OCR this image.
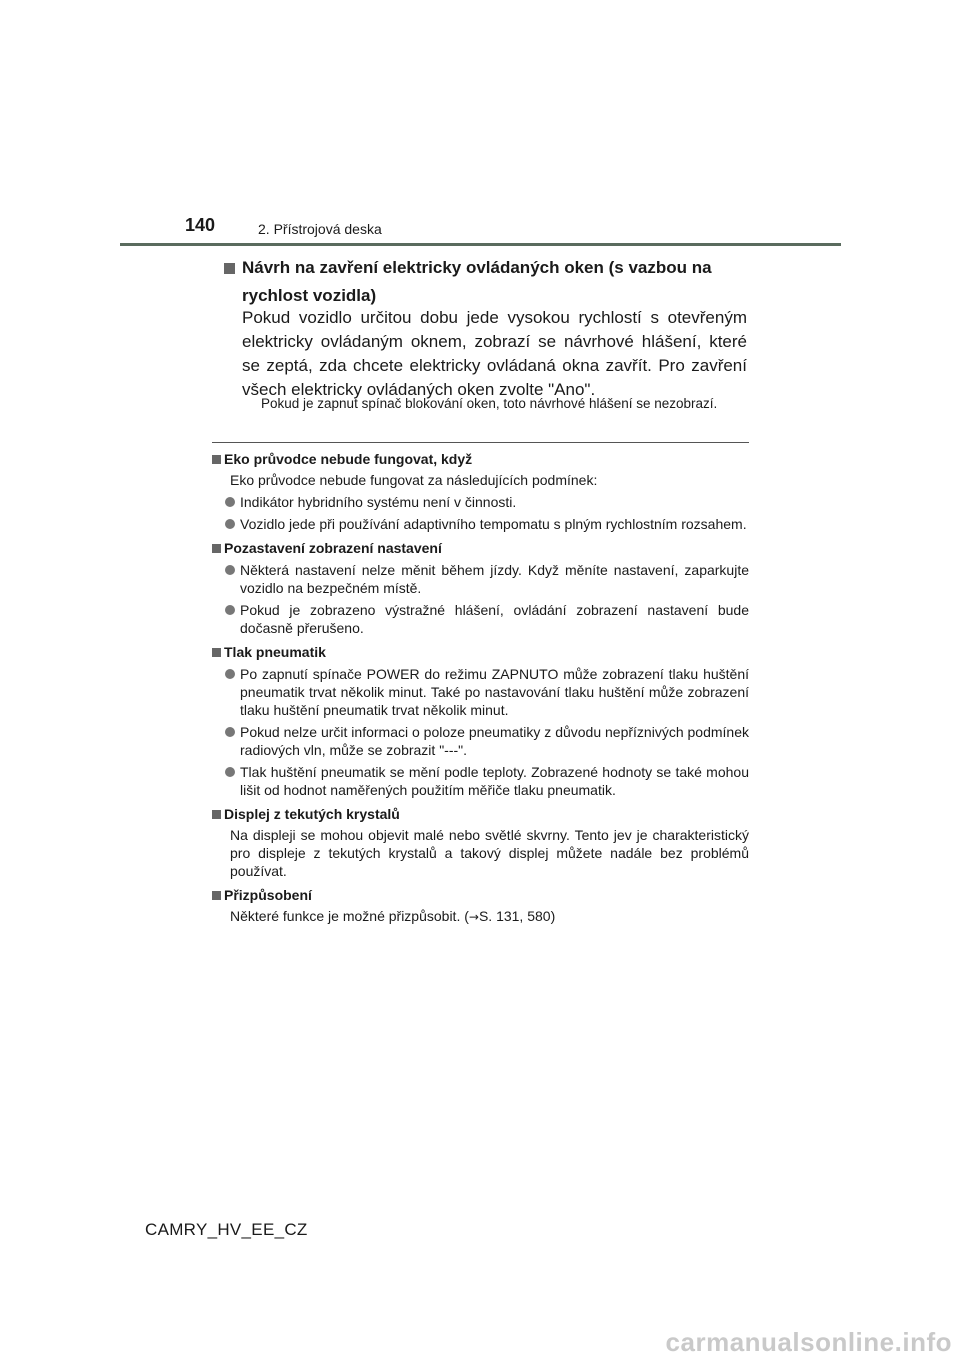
140	2. Přístrojová deska
Návrh na zavření elektricky ovládaných oken (s vazbou na rychlost vozidla)
Pokud vozidlo určitou dobu jede vysokou rychlostí s otevřeným elektricky ovládaným oknem, zobrazí se návrhové hlášení, které se zeptá, zda chcete elektricky ovládaná okna zavřít. Pro zavření všech elektricky ovládaných oken zvolte "Ano".
Pokud je zapnut spínač blokování oken, toto návrhové hlášení se nezobrazí.
Eko průvodce nebude fungovat, když
Eko průvodce nebude fungovat za následujících podmínek:
Indikátor hybridního systému není v činnosti.
Vozidlo jede při používání adaptivního tempomatu s plným rychlostním rozsahem.
Pozastavení zobrazení nastavení
Některá nastavení nelze měnit během jízdy. Když měníte nastavení, zaparkujte vozidlo na bezpečném místě.
Pokud je zobrazeno výstražné hlášení, ovládání zobrazení nastavení bude dočasně přerušeno.
Tlak pneumatik
Po zapnutí spínače POWER do režimu ZAPNUTO může zobrazení tlaku huštění pneumatik trvat několik minut. Také po nastavování tlaku huštění může zobrazení tlaku huštění pneumatik trvat několik minut.
Pokud nelze určit informaci o poloze pneumatiky z důvodu nepříznivých podmínek radiových vln, může se zobrazit "---".
Tlak huštění pneumatik se mění podle teploty. Zobrazené hodnoty se také mohou lišit od hodnot naměřených použitím měřiče tlaku pneumatik.
Displej z tekutých krystalů
Na displeji se mohou objevit malé nebo světlé skvrny. Tento jev je charakteristický pro displeje z tekutých krystalů a takový displej můžete nadále bez problémů používat.
Přizpůsobení
Některé funkce je možné přizpůsobit. (→S. 131, 580)
CAMRY_HV_EE_CZ
carmanualsonline.info
